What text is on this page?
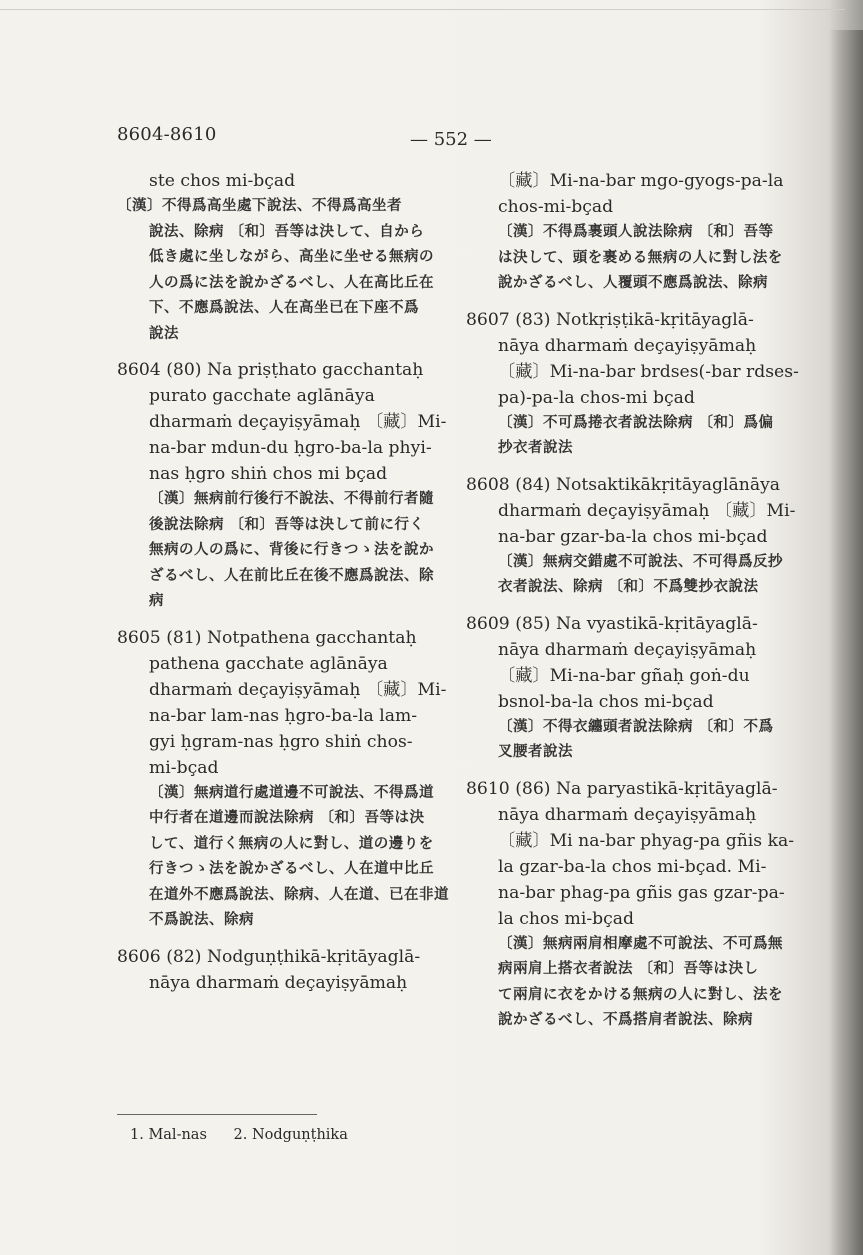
8604-8610	— 552 —
ste chos mi-bçad
〔漢〕不得爲高坐處下說法、不得爲高坐者
說法、除病 〔和〕吾等は決して、自から
低き處に坐しながら、高坐に坐せる無病の
人の爲に法を說かざるべし、人在高比丘在
下、不應爲說法、人在高坐已在下座不爲
說法
8604 (80) Na priṣṭhato gacchantaḥ
purato gacchate aglānāya
dharmaṁ deçayiṣyāmaḥ 〔藏〕Mi-
na-bar mdun-du ḥgro-ba-la phyi-
nas ḥgro shiṅ chos mi bçad
〔漢〕無病前行後行不說法、不得前行者隨
後說法除病 〔和〕吾等は決して前に行く
無病の人の爲に、背後に行きつゝ法を說か
ざるべし、人在前比丘在後不應爲說法、除
病
8605 (81) Notpathena gacchantaḥ
pathena gacchate aglānāya
dharmaṁ deçayiṣyāmaḥ 〔藏〕Mi-
na-bar lam-nas ḥgro-ba-la lam-
gyi ḥgram-nas ḥgro shiṅ chos-
mi-bçad
〔漢〕無病道行處道邊不可說法、不得爲道
中行者在道邊而說法除病 〔和〕吾等は決
して、道行く無病の人に對し、道の邊りを
行きつゝ法を說かざるべし、人在道中比丘
在道外不應爲說法、除病、人在道、已在非道
不爲說法、除病
8606 (82) Nodguṇṭhikā-kṛitāyaglā-
nāya dharmaṁ deçayiṣyāmaḥ
〔藏〕Mi-na-bar mgo-gyogs-pa-la
chos-mi-bçad
〔漢〕不得爲裹頭人說法除病 〔和〕吾等
は決して、頭を裹める無病の人に對し法を
說かざるべし、人覆頭不應爲說法、除病
8607 (83) Notkṛiṣṭikā-kṛitāyaglā-
nāya dharmaṁ deçayiṣyāmaḥ
〔藏〕Mi-na-bar brdses(-bar rdses-
pa)-pa-la chos-mi bçad
〔漢〕不可爲捲衣者說法除病 〔和〕爲偏
抄衣者說法
8608 (84) Notsaktikākṛitāyaglānāya
dharmaṁ deçayiṣyāmaḥ 〔藏〕Mi-
na-bar gzar-ba-la chos mi-bçad
〔漢〕無病交錯處不可說法、不可得爲反抄
衣者說法、除病 〔和〕不爲雙抄衣說法
8609 (85) Na vyastikā-kṛitāyaglā-
nāya dharmaṁ deçayiṣyāmaḥ
〔藏〕Mi-na-bar gñaḥ goṅ-du
bsnol-ba-la chos mi-bçad
〔漢〕不得衣纏頭者說法除病 〔和〕不爲
叉腰者說法
8610 (86) Na paryastikā-kṛitāyaglā-
nāya dharmaṁ deçayiṣyāmaḥ
〔藏〕Mi na-bar phyag-pa gñis ka-
la gzar-ba-la chos mi-bçad. Mi-
na-bar phag-pa gñis gas gzar-pa-
la chos mi-bçad
〔漢〕無病兩肩相摩處不可說法、不可爲無
病兩肩上搭衣者說法 〔和〕吾等は決し
て兩肩に衣をかける無病の人に對し、法を
說かざるべし、不爲搭肩者說法、除病
1. Mal-nas 2. Nodguṇṭhika
